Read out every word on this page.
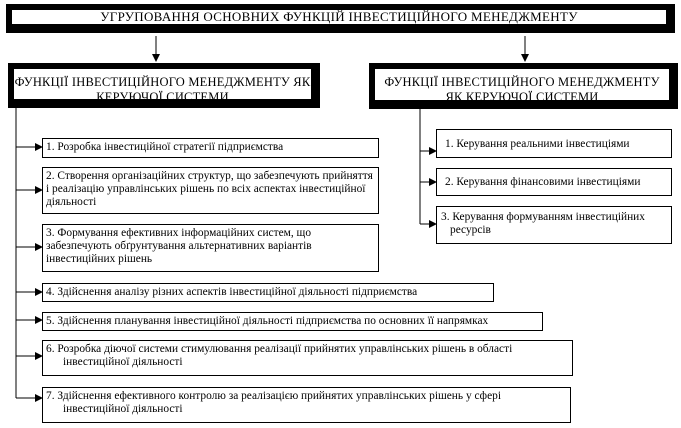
УГРУПОВАННЯ ОСНОВНИХ ФУНКЦІЙ ІНВЕСТИЦІЙНОГО МЕНЕДЖМЕНТУ
ФУНКЦІЇ ІНВЕСТИЦІЙНОГО МЕНЕДЖМЕНТУ ЯК КЕРУЮЧОЇ СИСТЕМИ
ФУНКЦІЇ ІНВЕСТИЦІЙНОГО МЕНЕДЖМЕНТУ ЯК КЕРУЮЧОЇ СИСТЕМИ
1. Розробка інвестиційної стратегії підприємства
2. Створення організаційних структур, що забезпечують прийняття і реалізацію управлінських рішень по всіх аспектах інвестиційної діяльності
3. Формування ефективних інформаційних систем, що забезпечують обґрунтування альтернативних варіантів інвестиційних рішень
4. Здійснення аналізу різних аспектів інвестиційної діяльності підприємства
5. Здійснення планування інвестиційної діяльності підприємства по основних її напрямках
6. Розробка діючої системи стимулювання реалізації прийнятих управлінських рішень в області інвестиційної діяльності
7. Здійснення ефективного контролю за реалізацією прийнятих управлінських рішень у сфері інвестиційної діяльності
1. Керування реальними інвестиціями
2. Керування фінансовими інвестиціями
3. Керування формуванням інвестиційних ресурсів
